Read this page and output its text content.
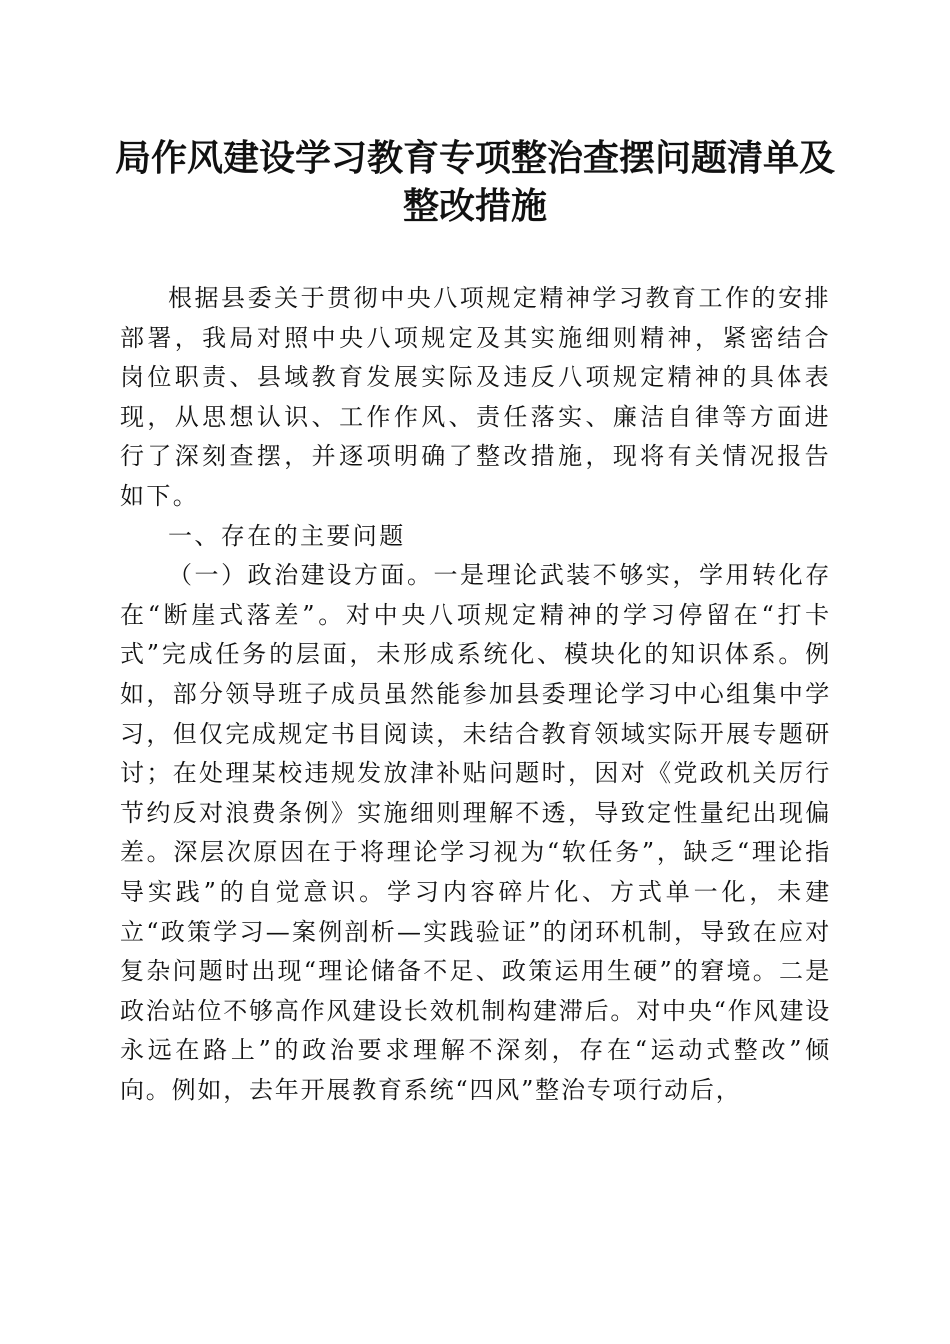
局作风建设学习教育专项整治查摆问题清单及
整改措施

根据县委关于贯彻中央八项规定精神学习教育工作的安排部署，我局对照中央八项规定及其实施细则精神，紧密结合岗位职责、县域教育发展实际及违反八项规定精神的具体表现，从思想认识、工作作风、责任落实、廉洁自律等方面进行了深刻查摆，并逐项明确了整改措施，现将有关情况报告如下。

一、存在的主要问题

（一）政治建设方面。一是理论武装不够实，学用转化存在“断崖式落差”。对中央八项规定精神的学习停留在“打卡式”完成任务的层面，未形成系统化、模块化的知识体系。例如，部分领导班子成员虽然能参加县委理论学习中心组集中学习，但仅完成规定书目阅读，未结合教育领域实际开展专题研讨；在处理某校违规发放津补贴问题时，因对《党政机关厉行节约反对浪费条例》实施细则理解不透，导致定性量纪出现偏差。深层次原因在于将理论学习视为“软任务”，缺乏“理论指导实践”的自觉意识。学习内容碎片化、方式单一化，未建立“政策学习—案例剖析—实践验证”的闭环机制，导致在应对复杂问题时出现“理论储备不足、政策运用生硬”的窘境。二是政治站位不够高作风建设长效机制构建滞后。对中央“作风建设永远在路上”的政治要求理解不深刻，存在“运动式整改”倾向。例如，去年开展教育系统“四风”整治专项行动后，
